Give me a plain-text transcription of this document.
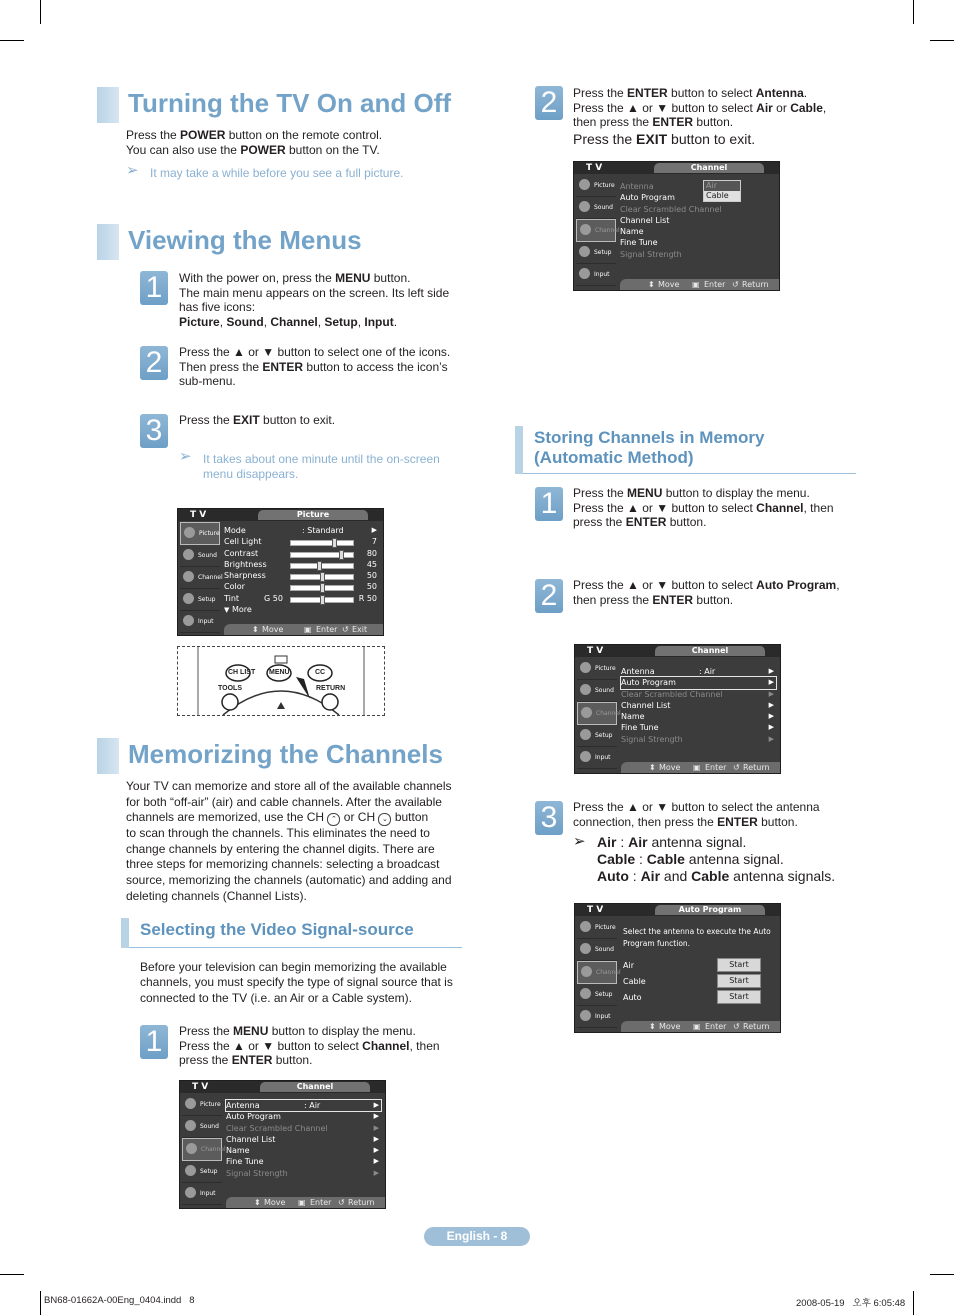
Turning the TV On and Off
Press the POWER button on the remote control.
You can also use the POWER button on the TV.
➢ It may take a while before you see a full picture.
Viewing the Menus
1	With the power on, press the MENU button.
The main menu appears on the screen. Its left side
has five icons:
Picture, Sound, Channel, Setup, Input.
2	Press the ▲ or ▼ button to select one of the icons.
Then press the ENTER button to access the icon’s
sub-menu.
3	Press the EXIT button to exit.
➢ It takes about one minute until the on-screen
menu disappears.
T V	Picture
Picture
Sound
Channel
Setup
Input
Mode	: Standard	▶
Cell Light	7
Contrast	80
Brightness	45
Sharpness	50
Color	50
Tint	G 50	R 50
▼ More
⬍ Move	▣ Enter ↺ Exit
CH LIST MENU	CC
TOOLS	RETURN
Memorizing the Channels
Your TV can memorize and store all of the available channels
for both “off-air” (air) and cable channels. After the available
channels are memorized, use the CH ⌃ or CH ⌄ button
to scan through the channels. This eliminates the need to
change channels by entering the channel digits. There are
three steps for memorizing channels: selecting a broadcast
source, memorizing the channels (automatic) and adding and
deleting channels (Channel Lists).
Selecting the Video Signal-source
Before your television can begin memorizing the available
channels, you must specify the type of signal source that is
connected to the TV (i.e. an Air or a Cable system).
1	Press the MENU button to display the menu.
Press the ▲ or ▼ button to select Channel, then
press the ENTER button.
T V	Channel
Picture
Sound
Channel
Setup
Input
Antenna	: Air	▶
Auto Program	▶
Clear Scrambled Channel	▶
Channel List	▶
Name	▶
Fine Tune	▶
Signal Strength	▶
⬍ Move ▣ Enter ↺ Return
2	Press the ENTER button to select Antenna.
Press the ▲ or ▼ button to select Air or Cable,
then press the ENTER button.
Press the EXIT button to exit.
T V	Channel
Picture
Sound
Channel
Setup
Input
Antenna
Auto Program
Clear Scrambled Channel
Channel List
Name
Fine Tune
Signal Strength
Air
Cable
⬍ Move ▣ Enter ↺ Return
Storing Channels in Memory
(Automatic Method)
1	Press the MENU button to display the menu.
Press the ▲ or ▼ button to select Channel, then
press the ENTER button.
2	Press the ▲ or ▼ button to select Auto Program,
then press the ENTER button.
T V	Channel
Picture
Sound
Channel
Setup
Input
Antenna	: Air	▶
Auto Program	▶
Clear Scrambled Channel	▶
Channel List	▶
Name	▶
Fine Tune	▶
Signal Strength	▶
⬍ Move ▣ Enter ↺ Return
3	Press the ▲ or ▼ button to select the antenna
connection, then press the ENTER button.
➢ Air : Air antenna signal.
Cable : Cable antenna signal.
Auto : Air and Cable antenna signals.
T V	Auto Program
Picture
Sound
Channel
Setup
Input
Select the antenna to execute the Auto
Program function.
Air	Start
Cable	Start
Auto	Start
⬍ Move ▣ Enter ↺ Return
English - 8
BN68-01662A-00Eng_0404.indd   8	2008-05-19   오후 6:05:48
